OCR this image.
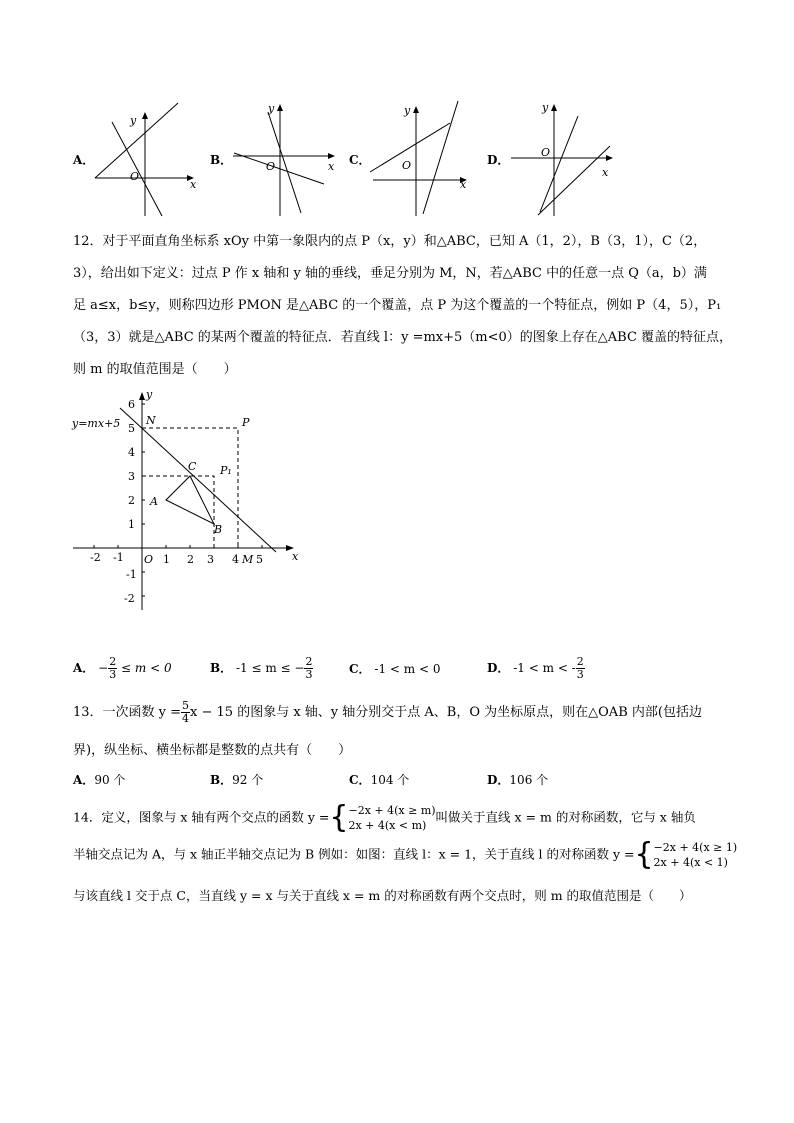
A．
x
y
O
B．	x
y
O	C．
x
y
O	D．
x
y
O
12．对于平面直角坐标系 xOy 中第一象限内的点 P（x，y）和△ABC，已知 A（1，2），B（3，1），C（2，
3），给出如下定义：过点 P 作 x 轴和 y 轴的垂线，垂足分别为 M，N，若△ABC 中的任意一点 Q（a，b）满
足 a≤x，b≤y，则称四边形 PMON 是△ABC 的一个覆盖，点 P 为这个覆盖的一个特征点，例如 P（4，5），P₁
（3，3）就是△ABC 的某两个覆盖的特征点．若直线 l：y =mx+5（m<0）的图象上存在△ABC 覆盖的特征点，
则 m 的取值范围是（　　）
y=mx+5
x
y
O
-2 -1	1 2 3 4 5
6
5
4
3
2
1
-1
-2
N	P
C P₁
A
B
M
A． − $\frac{2}{3} \le m < 0$	B． -1 ≤ m ≤ − $\frac{2}{3}$	C． -1 < m < 0	D． -1 < m < - $\frac{2}{3}$
13．一次函数 $y = \frac{5}{4}$ x − 15 的图象与 x 轴、y 轴分别交于点 A、B，O 为坐标原点，则在△OAB 内部(包括边
界)，纵坐标、横坐标都是整数的点共有（　　）
A．90 个	B．92 个	C．104 个	D．106 个
14．定义，图象与 x 轴有两个交点的函数 y ={ −2x + 4(x ≥ m)
2x + 4(x < m)
叫做关于直线 x = m 的对称函数，它与 x 轴负
半轴交点记为 A，与 x 轴正半轴交点记为 B 例如：如图：直线 l：x = 1，关于直线 l 的对称函数 y ={ −2x + 4(x ≥ 1)
2x + 4(x < 1)
与该直线 l 交于点 C，当直线 y = x 与关于直线 x = m 的对称函数有两个交点时，则 m 的取值范围是（　　）
